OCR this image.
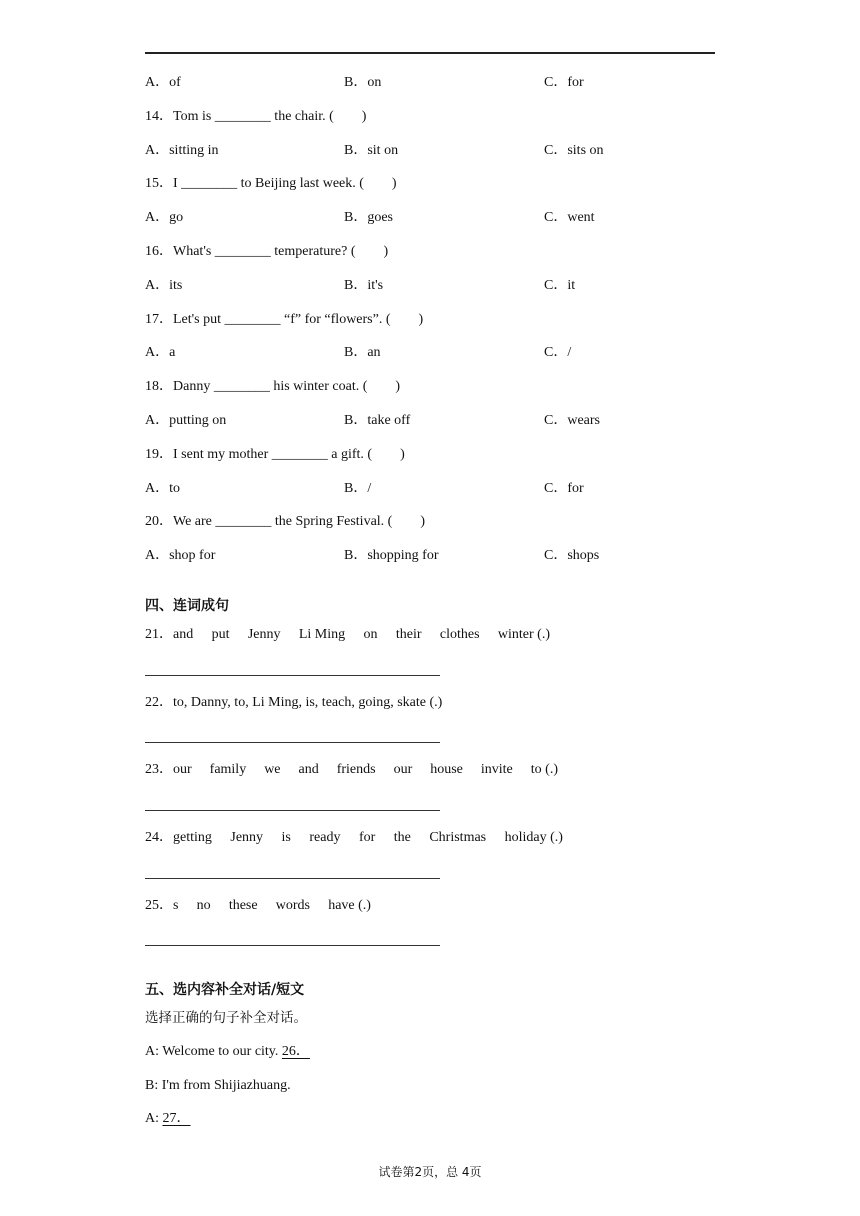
A．of	B．on	C．for
14．Tom is ________ the chair. (　　)
A．sitting in	B．sit on	C．sits on
15．I ________ to Beijing last week. (　　)
A．go	B．goes	C．went
16．What's ________ temperature? (　　)
A．its	B．it's	C．it
17．Let's put ________ “f” for “flowers”. (　　)
A．a	B．an	C．/
18．Danny ________ his winter coat. (　　)
A．putting on	B．take off	C．wears
19．I sent my mother ________ a gift. (　　)
A．to	B．/	C．for
20．We are ________ the Spring Festival. (　　)
A．shop for	B．shopping for	C．shops
四、连词成句
21．and put Jenny Li Ming on their clothes winter (.)
22．to, Danny, to, Li Ming, is, teach, going, skate (.)
23．our family we and friends our house invite to (.)
24．getting Jenny is ready for the Christmas holiday (.)
25．s no these words have (.)
五、选内容补全对话/短文
选择正确的句子补全对话。
A: Welcome to our city. 26．
B: I'm from Shijiazhuang.
A: 27．
试卷第2页，总 4页
